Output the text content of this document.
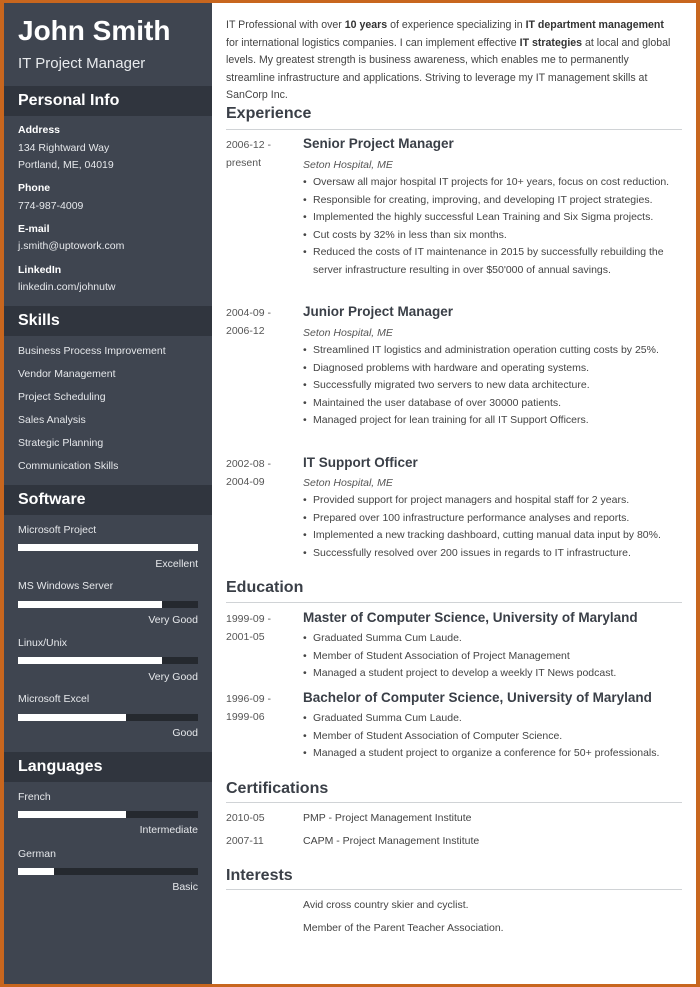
John Smith
IT Project Manager
Personal Info
Address
134 Rightward Way
Portland, ME, 04019
Phone
774-987-4009
E-mail
j.smith@uptowork.com
LinkedIn
linkedin.com/johnutw
Skills
Business Process Improvement
Vendor Management
Project Scheduling
Sales Analysis
Strategic Planning
Communication Skills
Software
Microsoft Project
Excellent
MS Windows Server
Very Good
Linux/Unix
Very Good
Microsoft Excel
Good
Languages
French
Intermediate
German
Basic
IT Professional with over 10 years of experience specializing in IT department management for international logistics companies. I can implement effective IT strategies at local and global levels. My greatest strength is business awareness, which enables me to permanently streamline infrastructure and applications. Striving to leverage my IT management skills at SanCorp Inc.
Experience
2006-12 -
present
Senior Project Manager
Seton Hospital, ME
• Oversaw all major hospital IT projects for 10+ years, focus on cost reduction.
• Responsible for creating, improving, and developing IT project strategies.
• Implemented the highly successful Lean Training and Six Sigma projects.
• Cut costs by 32% in less than six months.
• Reduced the costs of IT maintenance in 2015 by successfully rebuilding the server infrastructure resulting in over $50'000 of annual savings.
2004-09 -
2006-12
Junior Project Manager
Seton Hospital, ME
• Streamlined IT logistics and administration operation cutting costs by 25%.
• Diagnosed problems with hardware and operating systems.
• Successfully migrated two servers to new data architecture.
• Maintained the user database of over 30000 patients.
• Managed project for lean training for all IT Support Officers.
2002-08 -
2004-09
IT Support Officer
Seton Hospital, ME
• Provided support for project managers and hospital staff for 2 years.
• Prepared over 100 infrastructure performance analyses and reports.
• Implemented a new tracking dashboard, cutting manual data input by 80%.
• Successfully resolved over 200 issues in regards to IT infrastructure.
Education
1999-09 -
2001-05
Master of Computer Science, University of Maryland
• Graduated Summa Cum Laude.
• Member of Student Association of Project Management
• Managed a student project to develop a weekly IT News podcast.
1996-09 -
1999-06
Bachelor of Computer Science, University of Maryland
• Graduated Summa Cum Laude.
• Member of Student Association of Computer Science.
• Managed a student project to organize a conference for 50+ professionals.
Certifications
2010-05	PMP - Project Management Institute
2007-11	CAPM - Project Management Institute
Interests
Avid cross country skier and cyclist.
Member of the Parent Teacher Association.
